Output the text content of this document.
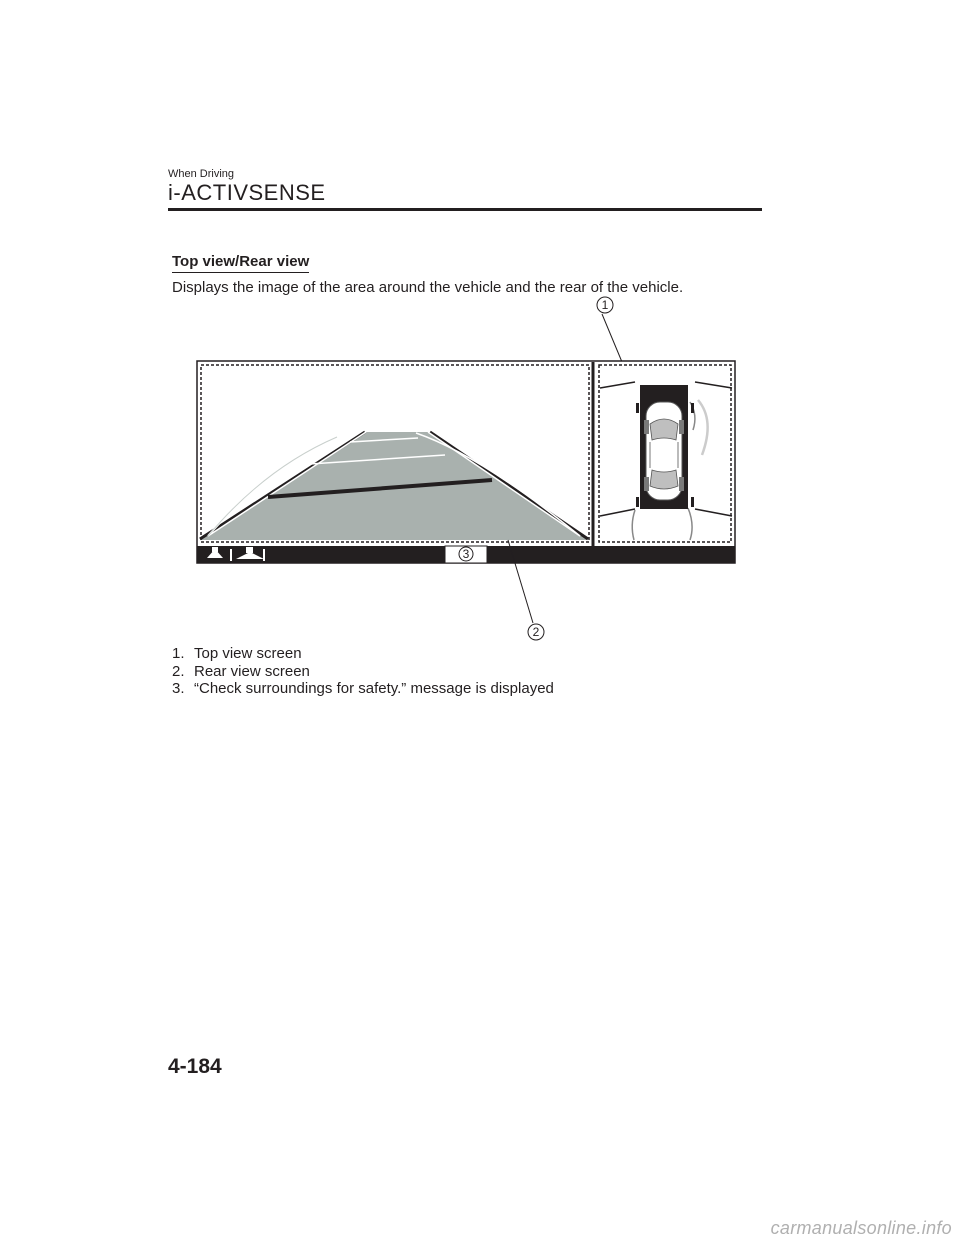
When Driving
i-ACTIVSENSE
Top view/Rear view
Displays the image of the area around the vehicle and the rear of the vehicle.
1
3
2
1. Top view screen
2. Rear view screen
3. “Check surroundings for safety.” message is displayed
4-184
carmanualsonline.info
